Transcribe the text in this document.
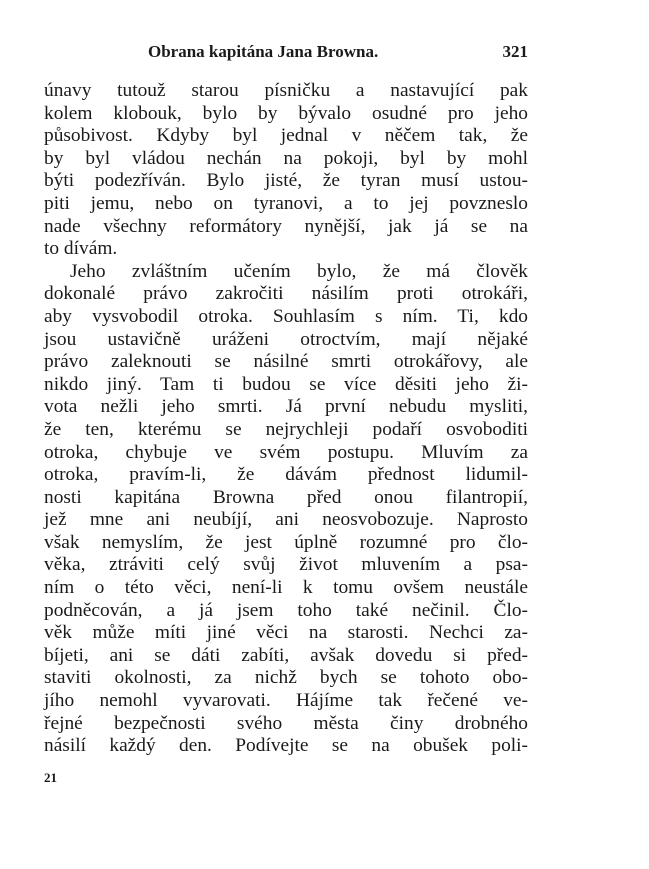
Obrana kapitána Jana Browna.	321
únavy tutouž starou písničku a nastavující pak
kolem klobouk, bylo by bývalo osudné pro jeho
působivost. Kdyby byl jednal v něčem tak, že
by byl vládou nechán na pokoji, byl by mohl
býti podezříván. Bylo jisté, že tyran musí ustou-
piti jemu, nebo on tyranovi, a to jej povzneslo
nade všechny reformátory nynější, jak já se na
to dívám.
Jeho zvláštním učením bylo, že má člověk
dokonalé právo zakročiti násilím proti otrokáři,
aby vysvobodil otroka. Souhlasím s ním. Ti, kdo
jsou ustavičně uráženi otroctvím, mají nějaké
právo zaleknouti se násilné smrti otrokářovy, ale
nikdo jiný. Tam ti budou se více děsiti jeho ži-
vota nežli jeho smrti. Já první nebudu mysliti,
že ten, kterému se nejrychleji podaří osvoboditi
otroka, chybuje ve svém postupu. Mluvím za
otroka, pravím-li, že dávám přednost lidumil-
nosti kapitána Browna před onou filantropií,
jež mne ani neubíjí, ani neosvobozuje. Naprosto
však nemyslím, že jest úplně rozumné pro člo-
věka, ztráviti celý svůj život mluvením a psa-
ním o této věci, není-li k tomu ovšem neustále
podněcován, a já jsem toho také nečinil. Člo-
věk může míti jiné věci na starosti. Nechci za-
bíjeti, ani se dáti zabíti, avšak dovedu si před-
staviti okolnosti, za nichž bych se tohoto obo-
jího nemohl vyvarovati. Hájíme tak řečené ve-
řejné bezpečnosti svého města činy drobného
násilí každý den. Podívejte se na obušek poli-
21
